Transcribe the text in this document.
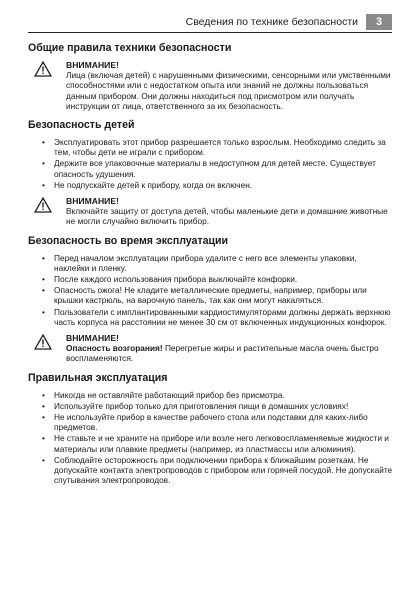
Сведения по технике безопасности	3
Общие правила техники безопасности
ВНИМАНИЕ!
Лица (включая детей) с нарушенными физическими, сенсорными или умственными способностями или с недостатком опыта или знаний не должны пользоваться данным прибором. Они должны находиться под присмотром или получать инструкции от лица, ответственного за их безопасность.
Безопасность детей
• Эксплуатировать этот прибор разрешается только взрослым. Необходимо следить за тем, чтобы дети не играли с прибором.
• Держите все упаковочные материалы в недоступном для детей месте. Существует опасность удушения.
• Не подпускайте детей к прибору, когда он включен.
ВНИМАНИЕ!
Включайте защиту от доступа детей, чтобы маленькие дети и домашние животные не могли случайно включить прибор.
Безопасность во время эксплуатации
• Перед началом эксплуатации прибора удалите с него все элементы упаковки, наклейки и пленку.
• После каждого использования прибора выключайте конфорки.
• Опасность ожога! Не кладите металлические предметы, например, приборы или крышки кастрюль, на варочную панель, так как они могут накаляться.
• Пользователи с имплантированными кардиостимуляторами должны держать верхнюю часть корпуса на расстоянии не менее 30 см от включенных индукционных конфорок.
ВНИМАНИЕ!
Опасность возгорания! Перегретые жиры и растительные масла очень быстро воспламеняются.
Правильная эксплуатация
• Никогда не оставляйте работающий прибор без присмотра.
• Используйте прибор только для приготовления пищи в домашних условиях!
• Не используйте прибор в качестве рабочего стола или подставки для каких-либо предметов.
• Не ставьте и не храните на приборе или возле него легковоспламеняемые жидкости и материалы или плавкие предметы (например, из пластмассы или алюминия).
• Соблюдайте осторожность при подключении прибора к ближайшим розеткам. Не допускайте контакта электропроводов с прибором или горячей посудой. Не допускайте спутывания электропроводов.
